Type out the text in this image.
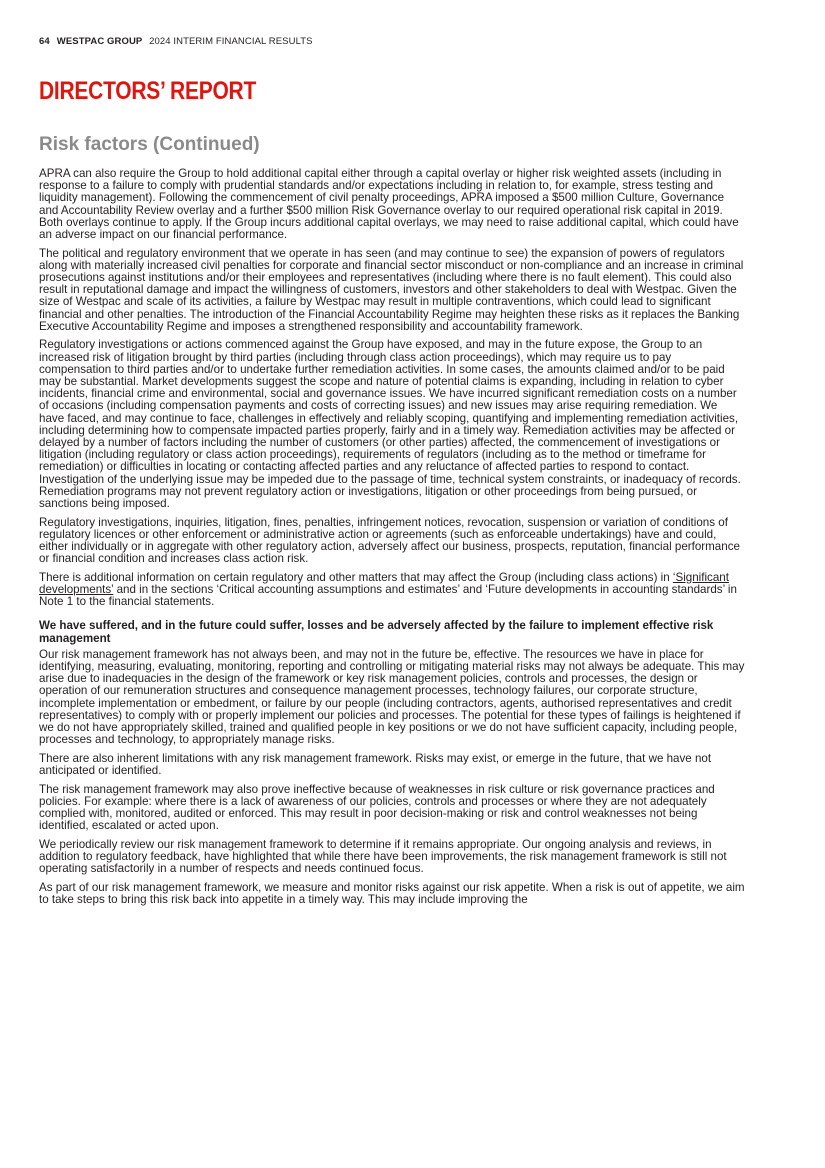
64 WESTPAC GROUP 2024 INTERIM FINANCIAL RESULTS
DIRECTORS’ REPORT
Risk factors (Continued)

APRA can also require the Group to hold additional capital either through a capital overlay or higher risk weighted assets (including in response to a failure to comply with prudential standards and/or expectations including in relation to, for example, stress testing and liquidity management). Following the commencement of civil penalty proceedings, APRA imposed a $500 million Culture, Governance and Accountability Review overlay and a further $500 million Risk Governance overlay to our required operational risk capital in 2019. Both overlays continue to apply. If the Group incurs additional capital overlays, we may need to raise additional capital, which could have an adverse impact on our financial performance.

The political and regulatory environment that we operate in has seen (and may continue to see) the expansion of powers of regulators along with materially increased civil penalties for corporate and financial sector misconduct or non-compliance and an increase in criminal prosecutions against institutions and/or their employees and representatives (including where there is no fault element). This could also result in reputational damage and impact the willingness of customers, investors and other stakeholders to deal with Westpac. Given the size of Westpac and scale of its activities, a failure by Westpac may result in multiple contraventions, which could lead to significant financial and other penalties. The introduction of the Financial Accountability Regime may heighten these risks as it replaces the Banking Executive Accountability Regime and imposes a strengthened responsibility and accountability framework.

Regulatory investigations or actions commenced against the Group have exposed, and may in the future expose, the Group to an increased risk of litigation brought by third parties (including through class action proceedings), which may require us to pay compensation to third parties and/or to undertake further remediation activities. In some cases, the amounts claimed and/or to be paid may be substantial. Market developments suggest the scope and nature of potential claims is expanding, including in relation to cyber incidents, financial crime and environmental, social and governance issues. We have incurred significant remediation costs on a number of occasions (including compensation payments and costs of correcting issues) and new issues may arise requiring remediation. We have faced, and may continue to face, challenges in effectively and reliably scoping, quantifying and implementing remediation activities, including determining how to compensate impacted parties properly, fairly and in a timely way. Remediation activities may be affected or delayed by a number of factors including the number of customers (or other parties) affected, the commencement of investigations or litigation (including regulatory or class action proceedings), requirements of regulators (including as to the method or timeframe for remediation) or difficulties in locating or contacting affected parties and any reluctance of affected parties to respond to contact. Investigation of the underlying issue may be impeded due to the passage of time, technical system constraints, or inadequacy of records. Remediation programs may not prevent regulatory action or investigations, litigation or other proceedings from being pursued, or sanctions being imposed.

Regulatory investigations, inquiries, litigation, fines, penalties, infringement notices, revocation, suspension or variation of conditions of regulatory licences or other enforcement or administrative action or agreements (such as enforceable undertakings) have and could, either individually or in aggregate with other regulatory action, adversely affect our business, prospects, reputation, financial performance or financial condition and increases class action risk.

There is additional information on certain regulatory and other matters that may affect the Group (including class actions) in ‘Significant developments’ and in the sections ‘Critical accounting assumptions and estimates’ and ‘Future developments in accounting standards’ in Note 1 to the financial statements.

We have suffered, and in the future could suffer, losses and be adversely affected by the failure to implement effective risk management

Our risk management framework has not always been, and may not in the future be, effective. The resources we have in place for identifying, measuring, evaluating, monitoring, reporting and controlling or mitigating material risks may not always be adequate. This may arise due to inadequacies in the design of the framework or key risk management policies, controls and processes, the design or operation of our remuneration structures and consequence management processes, technology failures, our corporate structure, incomplete implementation or embedment, or failure by our people (including contractors, agents, authorised representatives and credit representatives) to comply with or properly implement our policies and processes. The potential for these types of failings is heightened if we do not have appropriately skilled, trained and qualified people in key positions or we do not have sufficient capacity, including people, processes and technology, to appropriately manage risks.

There are also inherent limitations with any risk management framework. Risks may exist, or emerge in the future, that we have not anticipated or identified.

The risk management framework may also prove ineffective because of weaknesses in risk culture or risk governance practices and policies. For example: where there is a lack of awareness of our policies, controls and processes or where they are not adequately complied with, monitored, audited or enforced. This may result in poor decision-making or risk and control weaknesses not being identified, escalated or acted upon.

We periodically review our risk management framework to determine if it remains appropriate. Our ongoing analysis and reviews, in addition to regulatory feedback, have highlighted that while there have been improvements, the risk management framework is still not operating satisfactorily in a number of respects and needs continued focus.

As part of our risk management framework, we measure and monitor risks against our risk appetite. When a risk is out of appetite, we aim to take steps to bring this risk back into appetite in a timely way. This may include improving the
